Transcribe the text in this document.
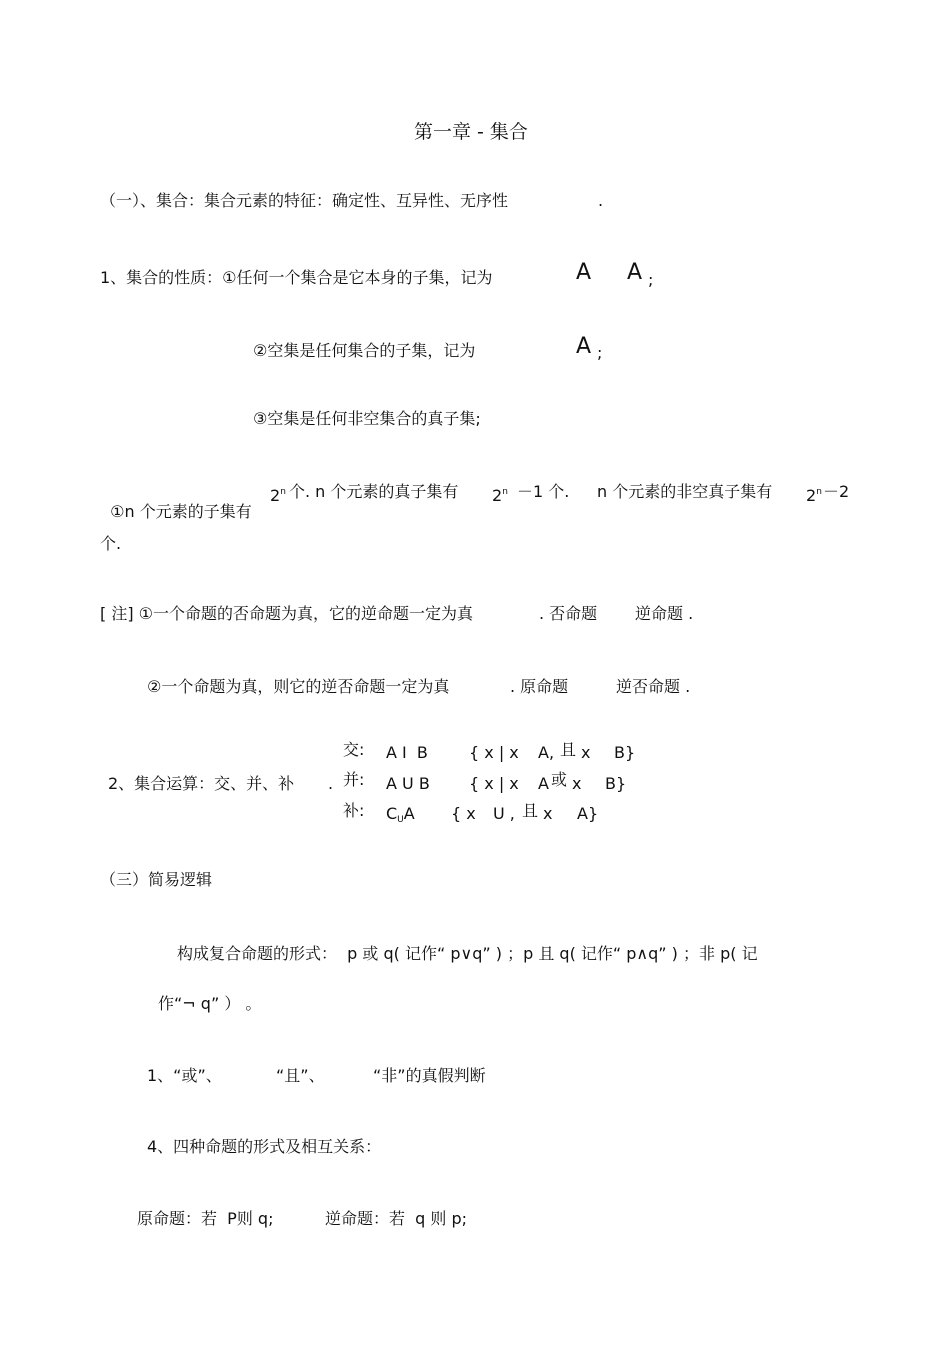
第一章 - 集合
（一）、集合：集合元素的特征：确定性、互异性、无序性	.
1、集合的性质：①任何一个集合是它本身的子集，记为	A A ;
②空集是任何集合的子集，记为	A ;
③空集是任何非空集合的真子集;

①n 个元素的子集有

2$^n$ 个. n 个元素的真子集有 $2^n -1$ 个. n 个元素的非空真子集有 $2^n -2$
个.
[ 注] ①一个命题的否命题为真，它的逆命题一定为真	. 否命题 逆命题 .
②一个命题为真，则它的逆否命题一定为真	. 原命题	逆否命题 .
交: A I  B	{ x | x A, 且 x B}
2、集合运算：交、并、补 . 并: A U B { x | x A 或 x B}
补: $C_UA$ { x U , 且 x A}
（三）简易逻辑
构成复合命题的形式：  p 或 q( 记作“ p∨q” ) ；p 且 q( 记作“ p∧q” ) ；非 p( 记
作“¬ q” ） 。
1、“或”、	“且”、	“非”的真假判断
4、四种命题的形式及相互关系：
原命题：若  P则 q;	逆命题：若  q 则 p;
